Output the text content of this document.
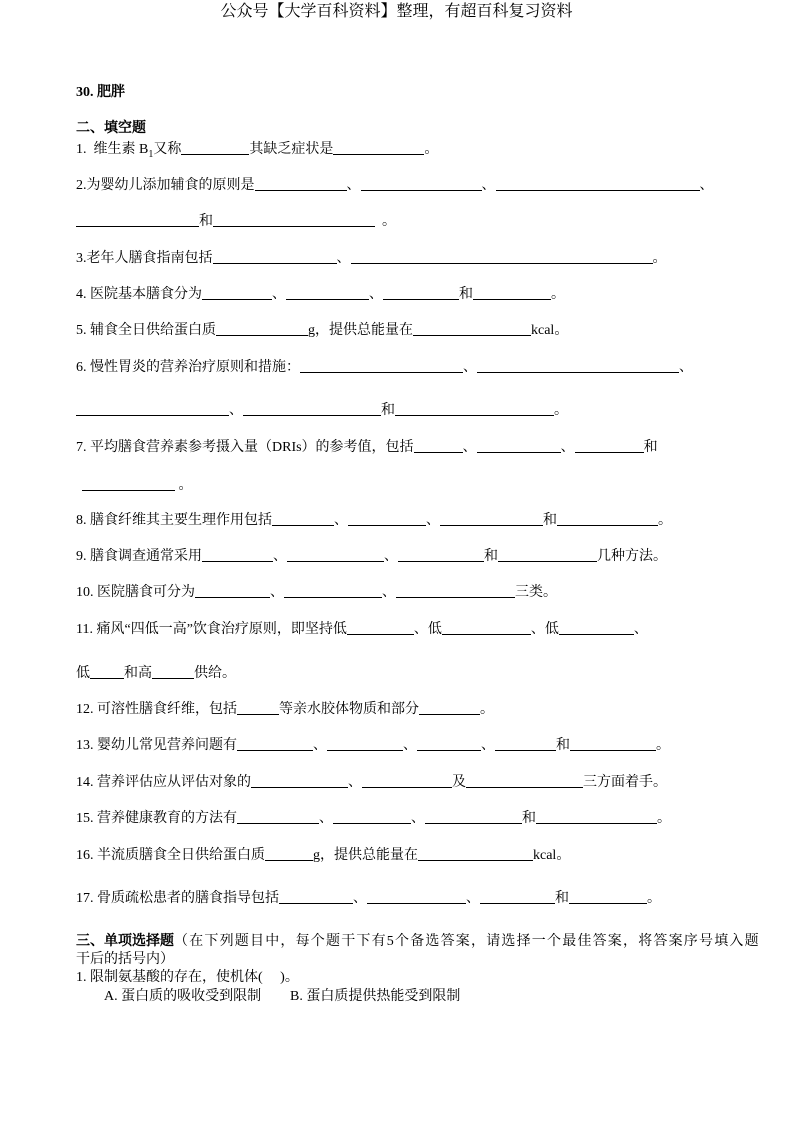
公众号【大学百科资料】整理，有超百科复习资料
30. 肥胖
二、填空题
1.  维生素 B 1 又称	其缺乏症状是	。
2.为婴幼儿添加辅食的原则是	、	、	、
和	。
3.老年人膳食指南包括	、	。
4. 医院基本膳食分为	、	、	和	。
5. 辅食全日供给蛋白质	g，提供总能量在	kcal。
6. 慢性胃炎的营养治疗原则和措施：	、	、
、	和	。
7. 平均膳食营养素参考摄入量（DRIs）的参考值，包括	、	、	和
。
8. 膳食纤维其主要生理作用包括	、	、	和	。
9. 膳食调查通常采用	、	、	和	几种方法。
10. 医院膳食可分为	、	、	三类。
11. 痛风“四低一高”饮食治疗原则，即坚持低	、低	、低	、
低 和高	供给。
12. 可溶性膳食纤维，包括	等亲水胶体物质和部分	。
13. 婴幼儿常见营养问题有	、	、	、	和	。
14. 营养评估应从评估对象的	、	及	三方面着手。
15. 营养健康教育的方法有	、	、	和	。
16. 半流质膳食全日供给蛋白质	g，提供总能量在	kcal。
17. 骨质疏松患者的膳食指导包括	、	、	和	。
三、单项选择题 （在下列题目中，每个题干下有5个备选答案，请选择一个最佳答案，将答案序号填入题
干后的括号内）
1. 限制氨基酸的存在，使机体(     )。
A. 蛋白质的吸收受到限制 B. 蛋白质提供热能受到限制
